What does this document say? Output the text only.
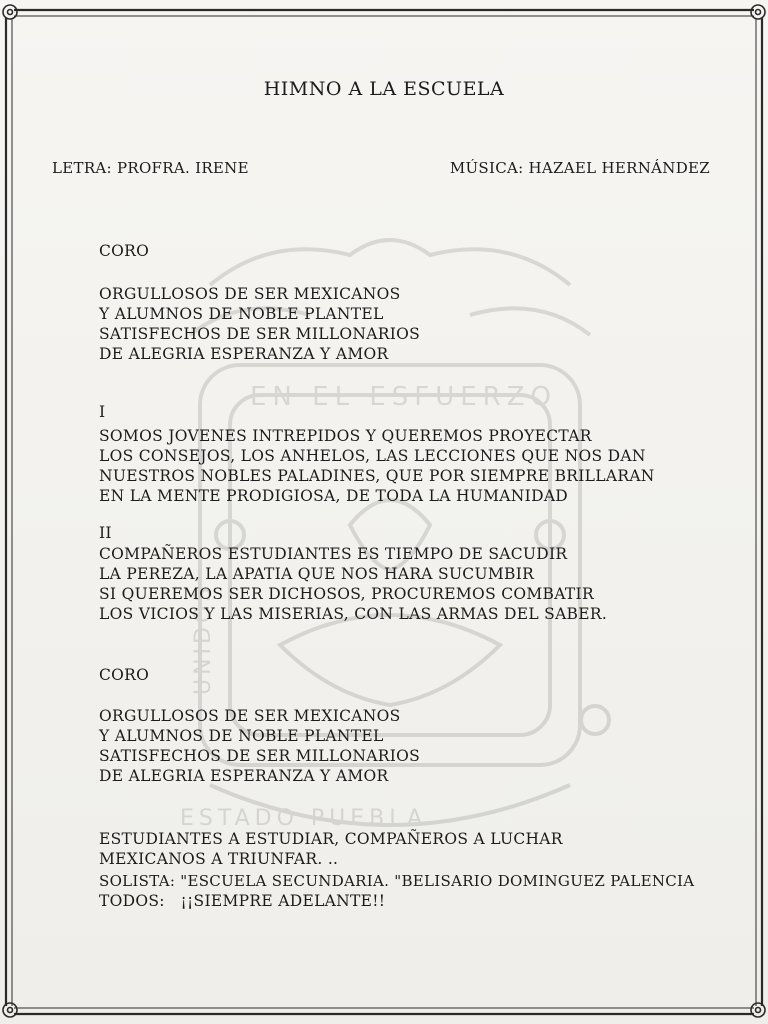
EN EL ESFUERZO
UNIDOS
ESTADO PUEBLA
HIMNO A LA ESCUELA
LETRA: PROFRA. IRENE	MÚSICA: HAZAEL HERNÁNDEZ
CORO
ORGULLOSOS DE SER MEXICANOS
Y ALUMNOS DE NOBLE PLANTEL
SATISFECHOS DE SER MILLONARIOS
DE ALEGRIA ESPERANZA Y AMOR
I
SOMOS JOVENES INTREPIDOS Y QUEREMOS PROYECTAR
LOS CONSEJOS, LOS ANHELOS, LAS LECCIONES QUE NOS DAN
NUESTROS NOBLES PALADINES, QUE POR SIEMPRE BRILLARAN
EN LA MENTE PRODIGIOSA, DE TODA LA HUMANIDAD
II
COMPAÑEROS ESTUDIANTES ES TIEMPO DE SACUDIR
LA PEREZA, LA APATIA QUE NOS HARA SUCUMBIR
SI QUEREMOS SER DICHOSOS, PROCUREMOS COMBATIR
LOS VICIOS Y LAS MISERIAS, CON LAS ARMAS DEL SABER.
CORO
ORGULLOSOS DE SER MEXICANOS
Y ALUMNOS DE NOBLE PLANTEL
SATISFECHOS DE SER MILLONARIOS
DE ALEGRIA ESPERANZA Y AMOR
ESTUDIANTES A ESTUDIAR, COMPAÑEROS A LUCHAR
MEXICANOS A TRIUNFAR. ..
SOLISTA: "ESCUELA SECUNDARIA. "BELISARIO DOMINGUEZ PALENCIA
TODOS:   ¡¡SIEMPRE ADELANTE!!
